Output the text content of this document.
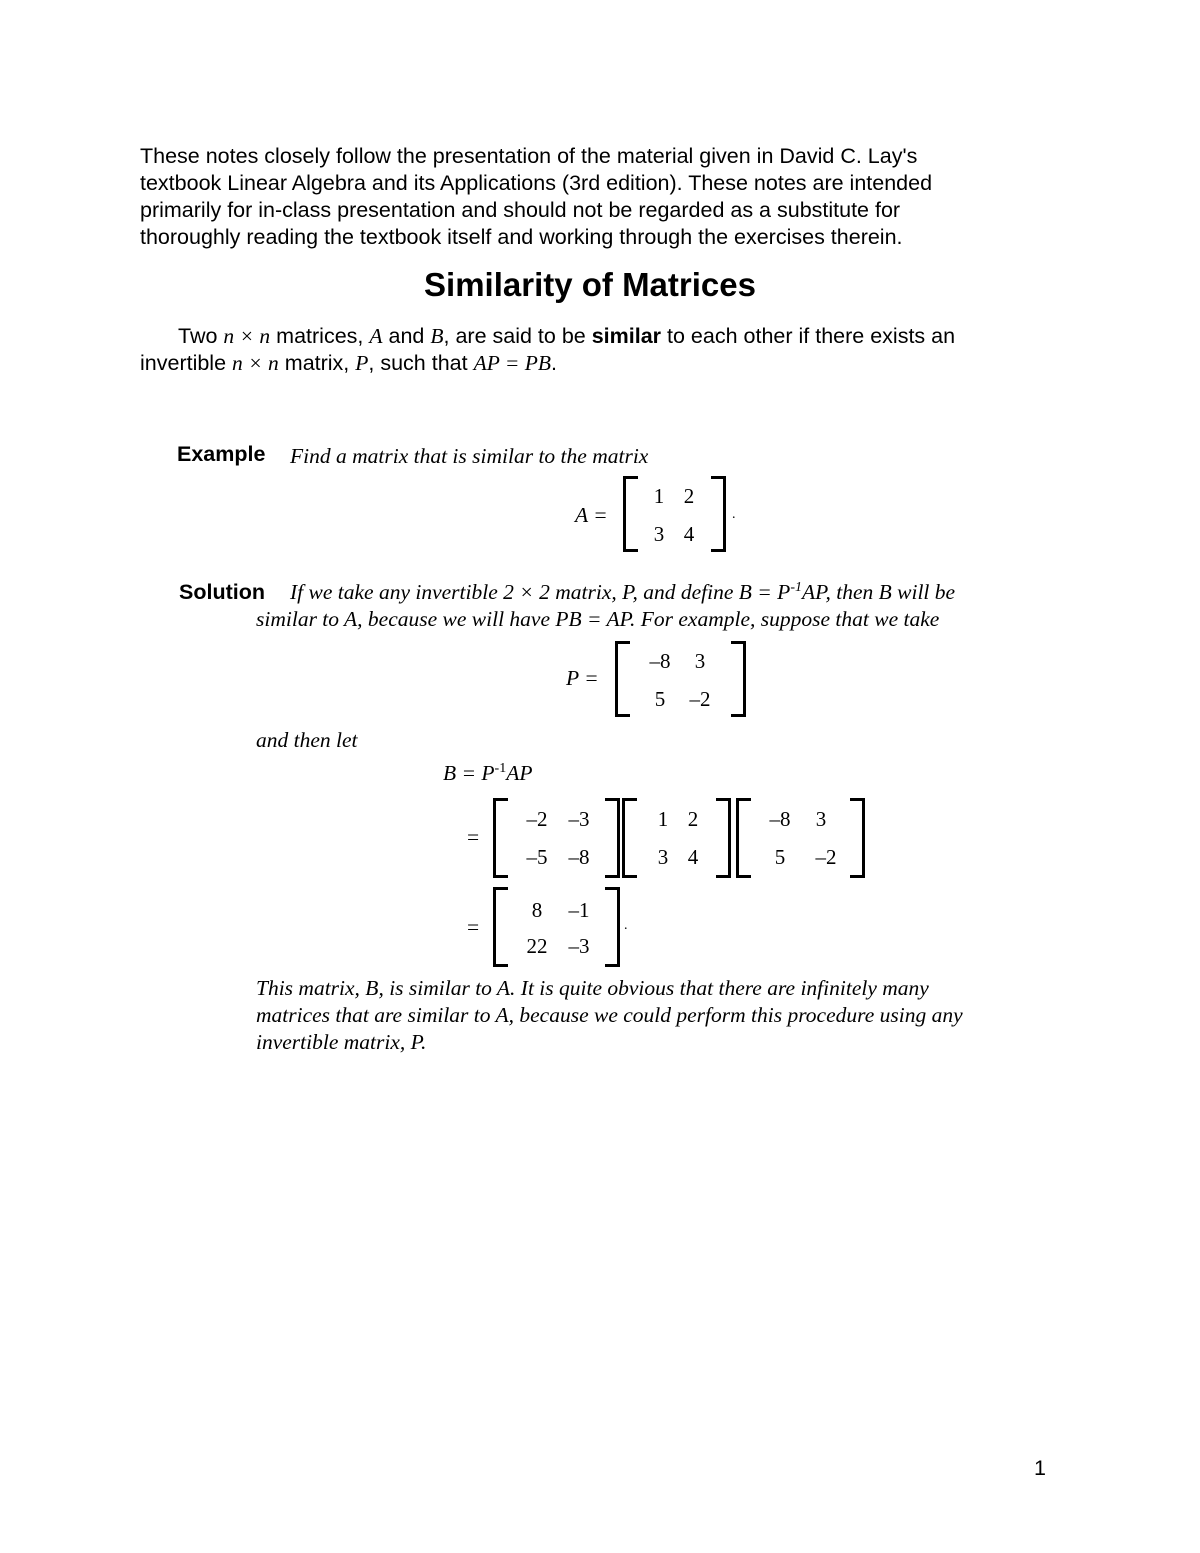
These notes closely follow the presentation of the material given in David C. Lay's
textbook Linear Algebra and its Applications (3rd edition). These notes are intended
primarily for in-class presentation and should not be regarded as a substitute for
thoroughly reading the textbook itself and working through the exercises therein.
Similarity of Matrices
Two n × n matrices, A and B, are said to be similar to each other if there exists an
invertible n × n matrix, P, such that AP = PB.
Example Find a matrix that is similar to the matrix
A =
1 2
3 4
.
Solution If we take any invertible 2 × 2 matrix, P, and define $B = P^{-1}AP$, then B will be
similar to A, because we will have PB = AP. For example, suppose that we take
P =
–8	3
5	–2
and then let
$B = P^{-1}AP$
=
–2	–3
–5	–8
1 2
3 4
–8	3
5	–2
=
8	–1
22	–3
.
This matrix, B, is similar to A. It is quite obvious that there are infinitely many
matrices that are similar to A, because we could perform this procedure using any
invertible matrix, P.
1
